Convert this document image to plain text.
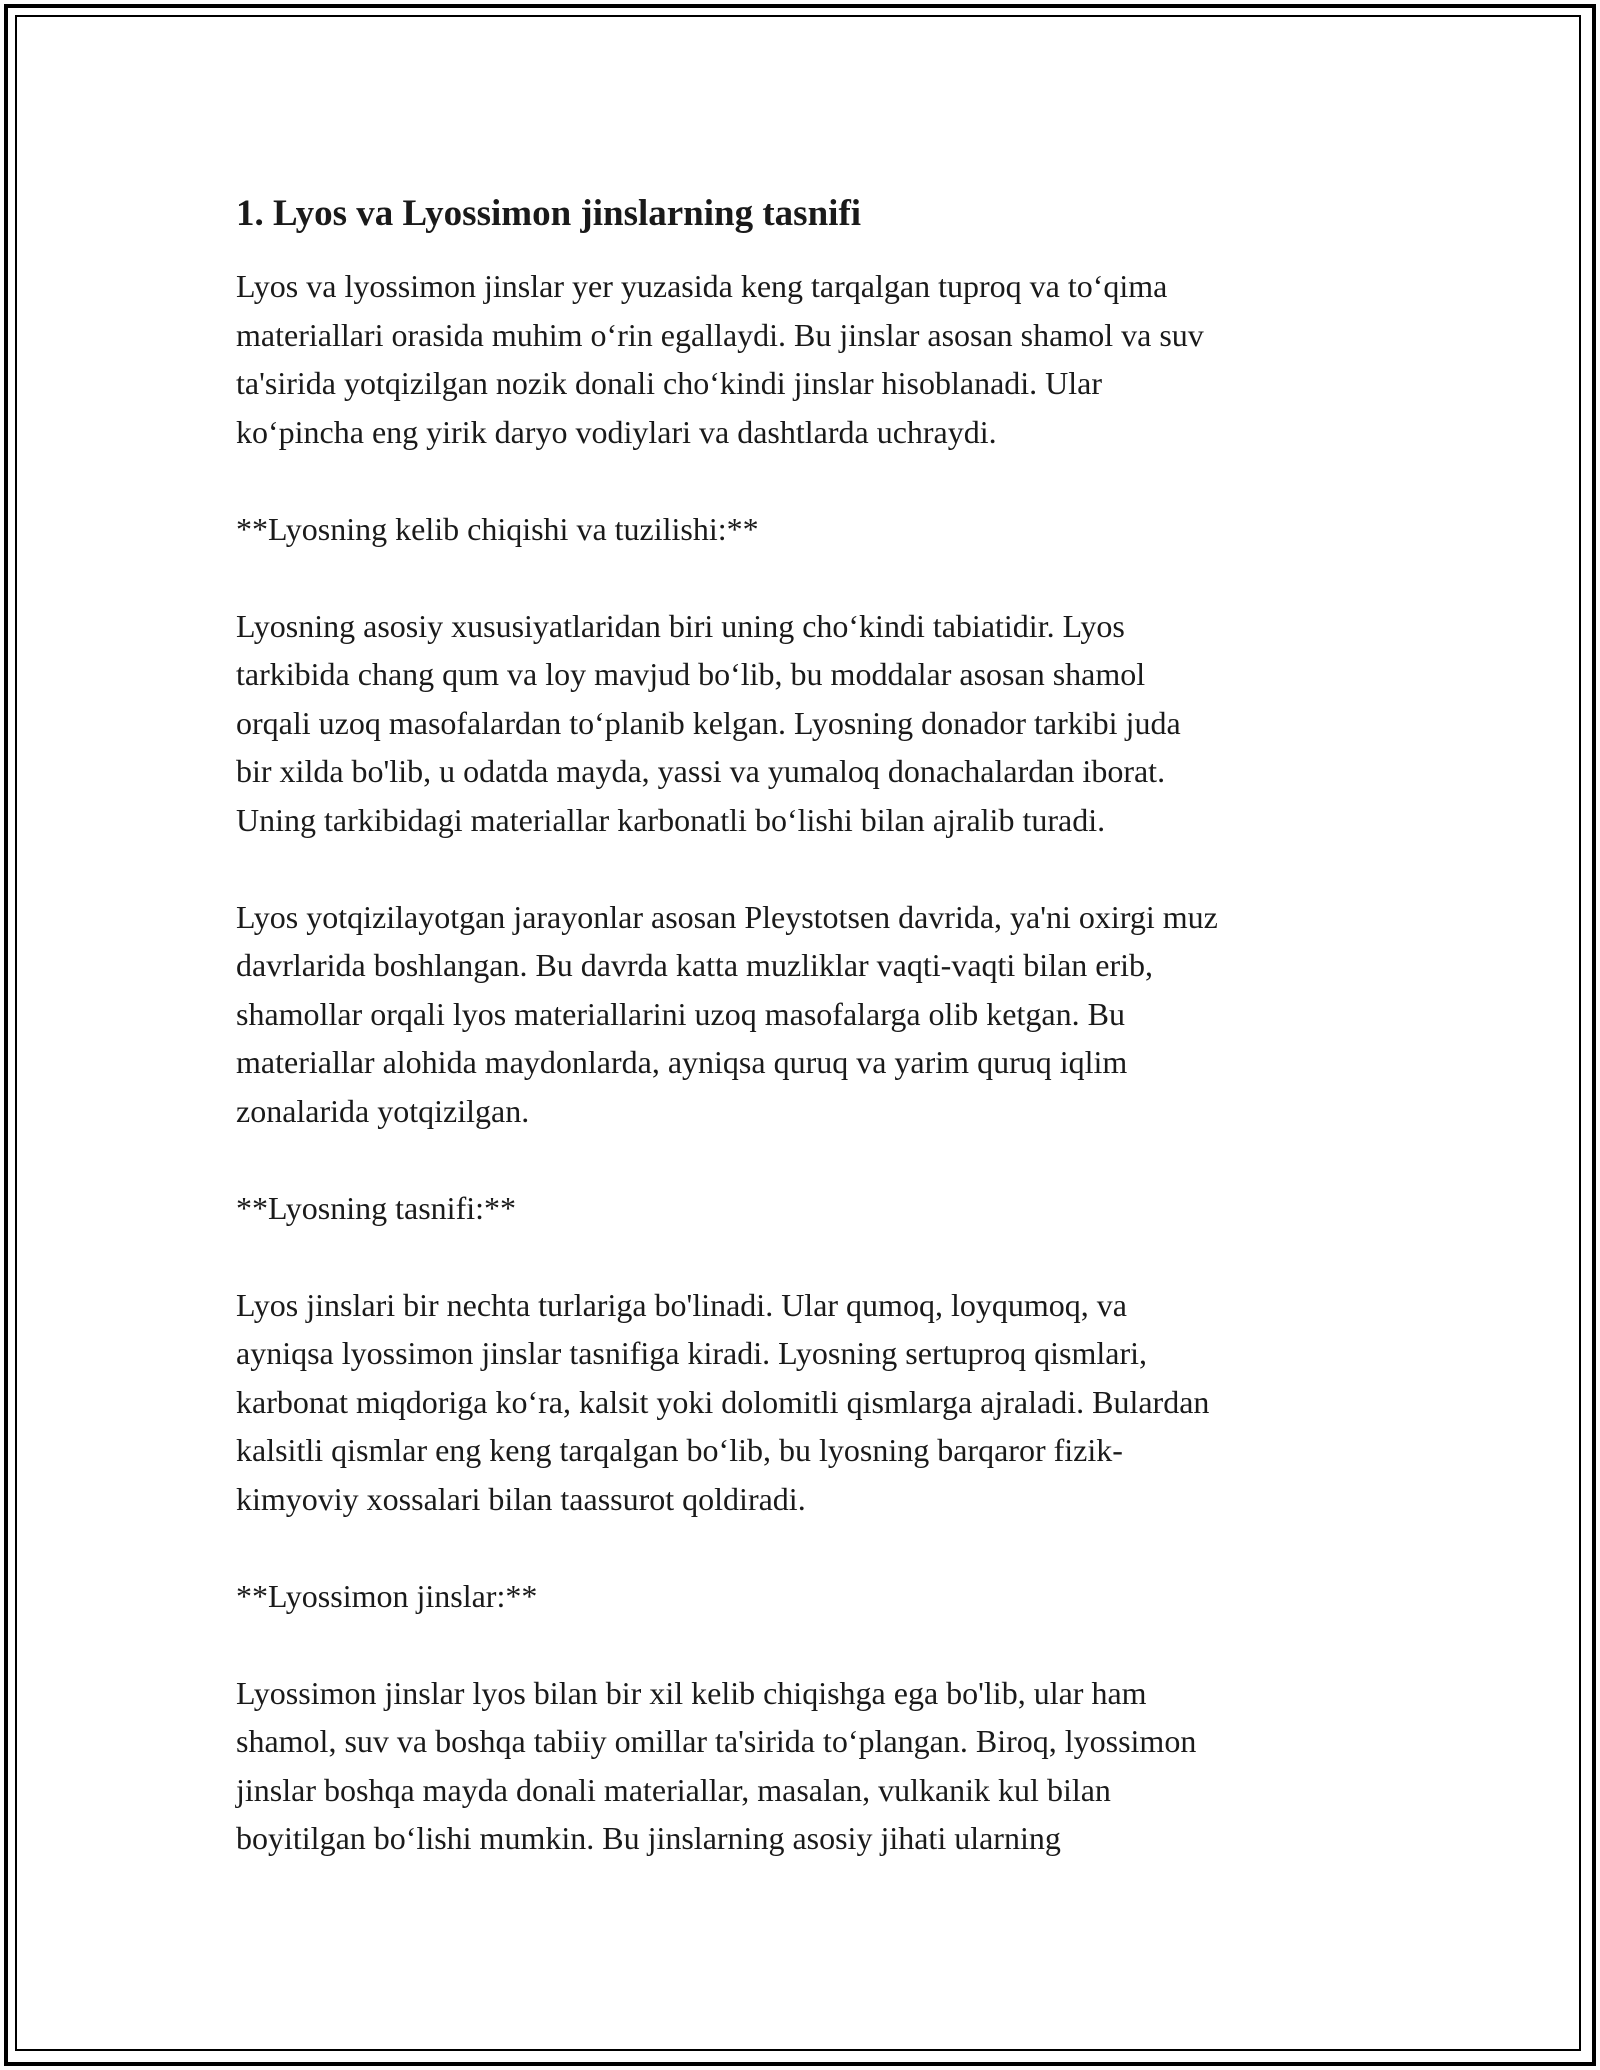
1. Lyos va Lyossimon jinslarning tasnifi

Lyos va lyossimon jinslar yer yuzasida keng tarqalgan tuproq va to‘qima
materiallari orasida muhim o‘rin egallaydi. Bu jinslar asosan shamol va suv
ta'sirida yotqizilgan nozik donali cho‘kindi jinslar hisoblanadi. Ular
ko‘pincha eng yirik daryo vodiylari va dashtlarda uchraydi.

**Lyosning kelib chiqishi va tuzilishi:**

Lyosning asosiy xususiyatlaridan biri uning cho‘kindi tabiatidir. Lyos
tarkibida chang qum va loy mavjud bo‘lib, bu moddalar asosan shamol
orqali uzoq masofalardan to‘planib kelgan. Lyosning donador tarkibi juda
bir xilda bo'lib, u odatda mayda, yassi va yumaloq donachalardan iborat.
Uning tarkibidagi materiallar karbonatli bo‘lishi bilan ajralib turadi.

Lyos yotqizilayotgan jarayonlar asosan Pleystotsen davrida, ya'ni oxirgi muz
davrlarida boshlangan. Bu davrda katta muzliklar vaqti-vaqti bilan erib,
shamollar orqali lyos materiallarini uzoq masofalarga olib ketgan. Bu
materiallar alohida maydonlarda, ayniqsa quruq va yarim quruq iqlim
zonalarida yotqizilgan.

**Lyosning tasnifi:**

Lyos jinslari bir nechta turlariga bo'linadi. Ular qumoq, loyqumoq, va
ayniqsa lyossimon jinslar tasnifiga kiradi. Lyosning sertuproq qismlari,
karbonat miqdoriga ko‘ra, kalsit yoki dolomitli qismlarga ajraladi. Bulardan
kalsitli qismlar eng keng tarqalgan bo‘lib, bu lyosning barqaror fizik-
kimyoviy xossalari bilan taassurot qoldiradi.

**Lyossimon jinslar:**

Lyossimon jinslar lyos bilan bir xil kelib chiqishga ega bo'lib, ular ham
shamol, suv va boshqa tabiiy omillar ta'sirida to‘plangan. Biroq, lyossimon
jinslar boshqa mayda donali materiallar, masalan, vulkanik kul bilan
boyitilgan bo‘lishi mumkin. Bu jinslarning asosiy jihati ularning
